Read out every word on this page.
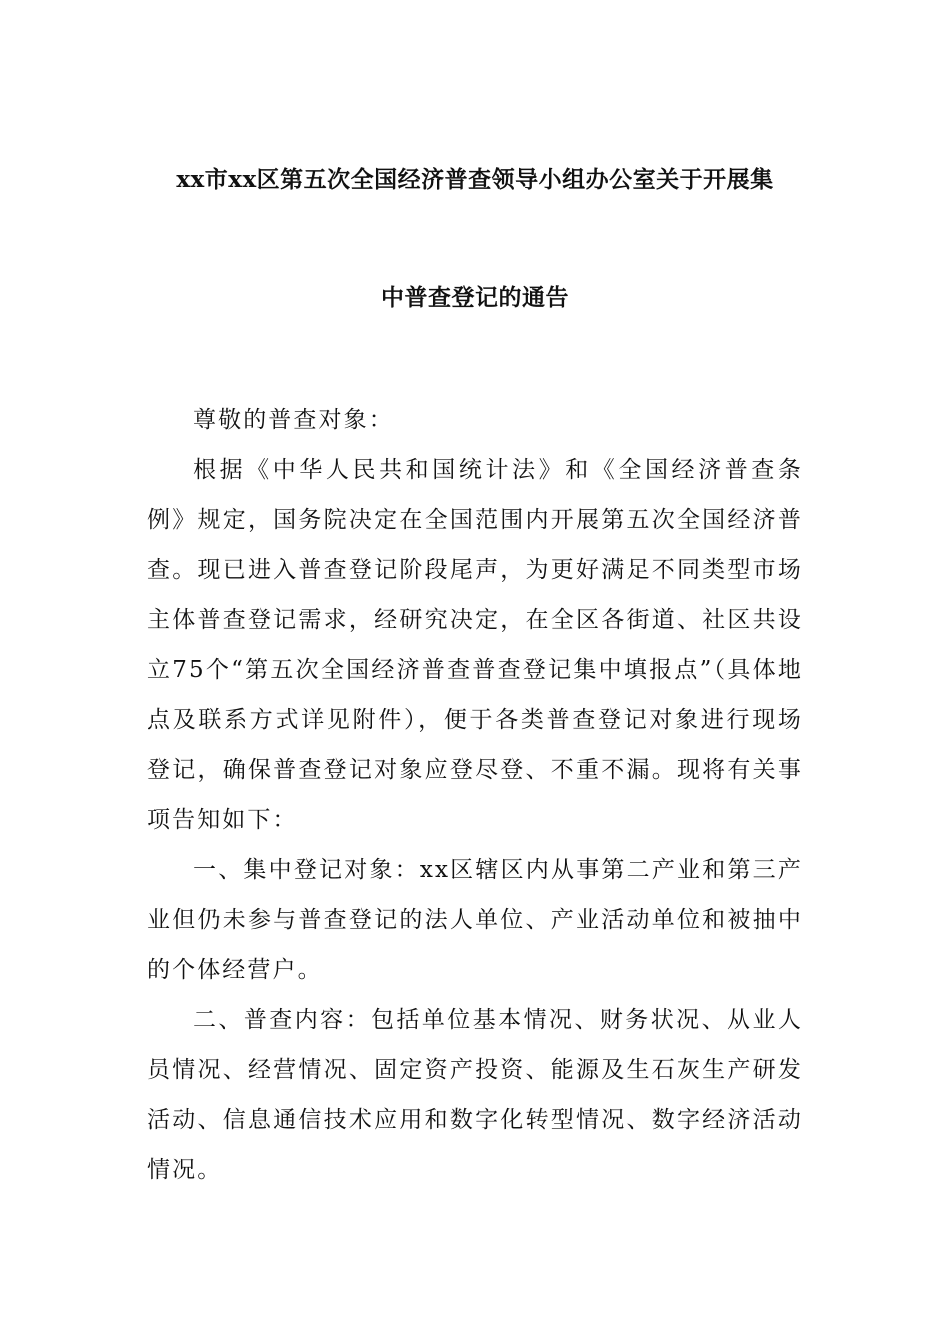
xx市xx区第五次全国经济普查领导小组办公室关于开展集
中普查登记的通告

尊敬的普查对象：

根据《中华人民共和国统计法》和《全国经济普查条例》规定，国务院决定在全国范围内开展第五次全国经济普查。现已进入普查登记阶段尾声，为更好满足不同类型市场主体普查登记需求，经研究决定，在全区各街道、社区共设立75个“第五次全国经济普查普查登记集中填报点”（具体地点及联系方式详见附件），便于各类普查登记对象进行现场登记，确保普查登记对象应登尽登、不重不漏。现将有关事项告知如下：

一、集中登记对象：xx区辖区内从事第二产业和第三产业但仍未参与普查登记的法人单位、产业活动单位和被抽中的个体经营户。

二、普查内容：包括单位基本情况、财务状况、从业人员情况、经营情况、固定资产投资、能源及生石灰生产研发活动、信息通信技术应用和数字化转型情况、数字经济活动情况。
